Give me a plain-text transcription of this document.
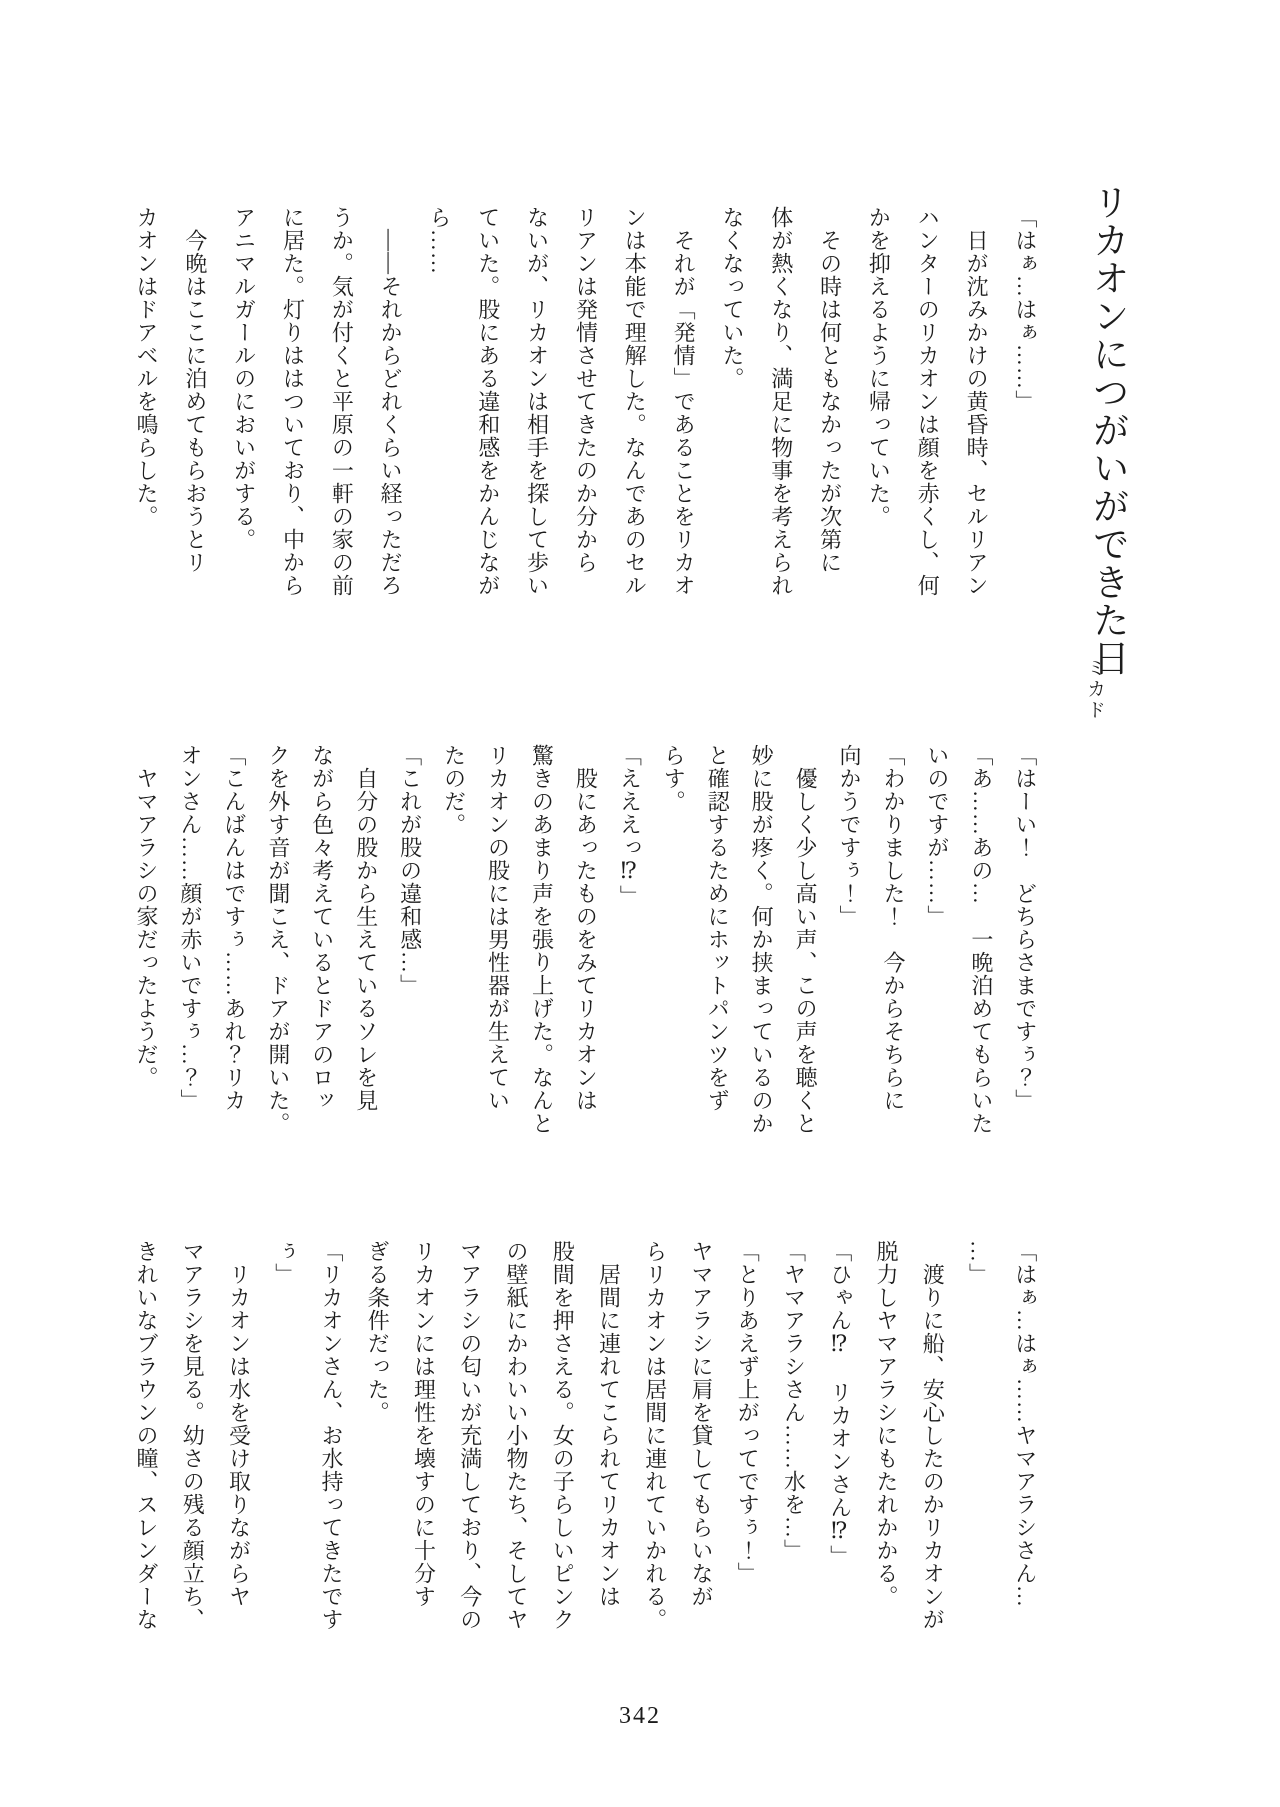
リカオンにつがいができた日
ミカド

「はぁ…はぁ……」

　日が沈みかけの黄昏時、セルリアン

ハンターのリカオンは顔を赤くし、何

かを抑えるように帰っていた。

　その時は何ともなかったが次第に

体が熱くなり、満足に物事を考えられ

なくなっていた。

　それが「発情」であることをリカオ

ンは本能で理解した。なんであのセル

リアンは発情させてきたのか分から

ないが、リカオンは相手を探して歩い

ていた。股にある違和感をかんじなが

ら……

　――それからどれくらい経っただろ

うか。気が付くと平原の一軒の家の前

に居た。灯りははついており、中から

アニマルガールのにおいがする。

　今晩はここに泊めてもらおうとリ

カオンはドアベルを鳴らした。

「はーい！　どちらさまですぅ？」

「あ……あの…　一晩泊めてもらいた

いのですが……」

「わかりました！　今からそちらに

向かうですぅ！」

　優しく少し高い声、この声を聴くと

妙に股が疼く。何か挟まっているのか

と確認するためにホットパンツをず

らす。

「えええっ⁉」

　股にあったものをみてリカオンは

驚きのあまり声を張り上げた。なんと

リカオンの股には男性器が生えてい

たのだ。

「これが股の違和感…」

　自分の股から生えているソレを見

ながら色々考えているとドアのロッ

クを外す音が聞こえ、ドアが開いた。

「こんばんはですぅ……あれ？リカ

オンさん……顔が赤いですぅ…？」

　ヤマアラシの家だったようだ。

「はぁ…はぁ……ヤマアラシさん…

…」

　渡りに船、安心したのかリカオンが

脱力しヤマアラシにもたれかかる。

「ひゃん⁉　リカオンさん⁉」

「ヤマアラシさん……水を…」

「とりあえず上がってですぅ！」

ヤマアラシに肩を貸してもらいなが

らリカオンは居間に連れていかれる。

　居間に連れてこられてリカオンは

股間を押さえる。女の子らしいピンク

の壁紙にかわいい小物たち、そしてヤ

マアラシの匂いが充満しており、今の

リカオンには理性を壊すのに十分す

ぎる条件だった。

「リカオンさん、お水持ってきたです

ぅ」

　リカオンは水を受け取りながらヤ

マアラシを見る。幼さの残る顔立ち、

きれいなブラウンの瞳、スレンダーな

342
